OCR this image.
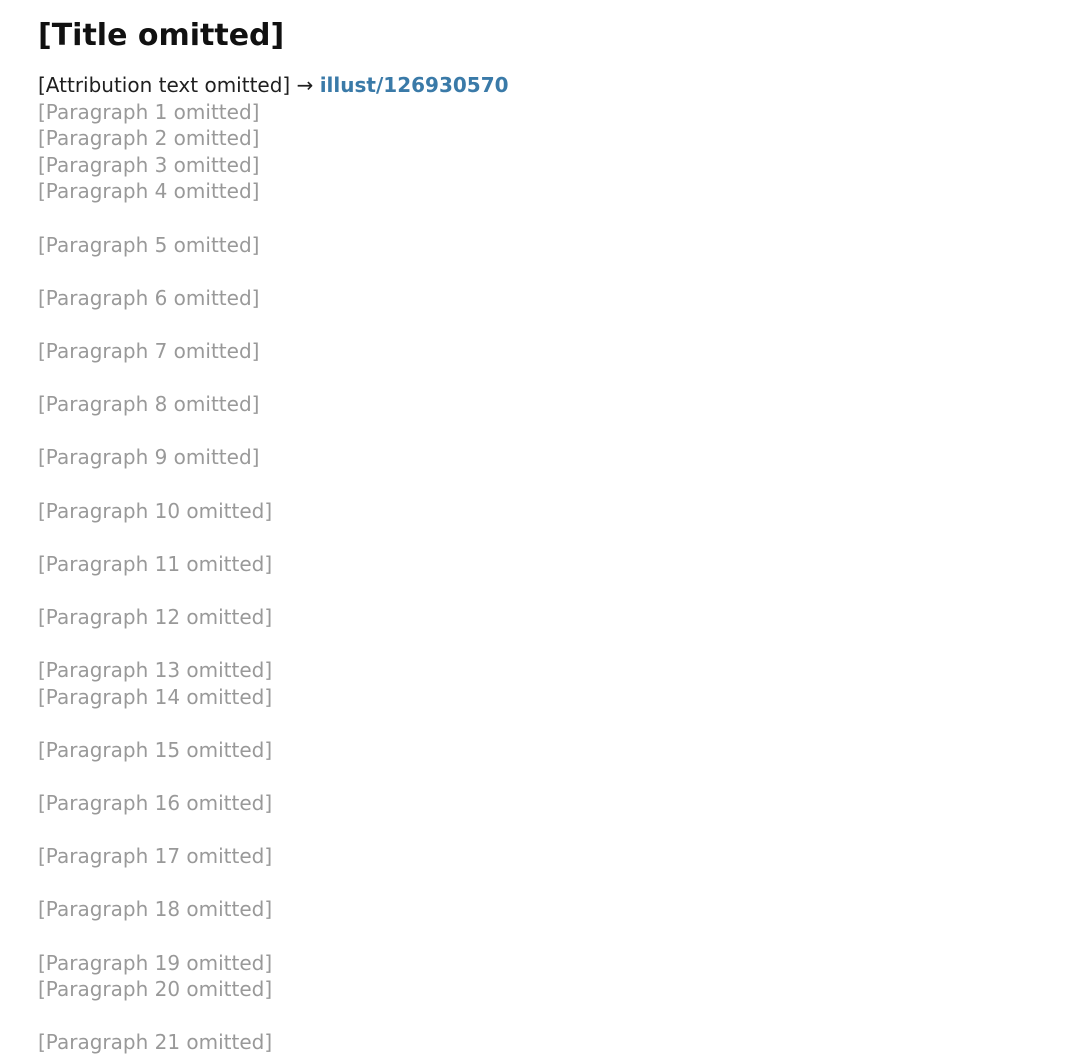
[Title omitted]

[Attribution text omitted] → illust/126930570

[Paragraph 1 omitted]

[Paragraph 2 omitted]

[Paragraph 3 omitted]

[Paragraph 4 omitted]

[Paragraph 5 omitted]

[Paragraph 6 omitted]

[Paragraph 7 omitted]

[Paragraph 8 omitted]

[Paragraph 9 omitted]

[Paragraph 10 omitted]

[Paragraph 11 omitted]

[Paragraph 12 omitted]

[Paragraph 13 omitted]

[Paragraph 14 omitted]

[Paragraph 15 omitted]

[Paragraph 16 omitted]

[Paragraph 17 omitted]

[Paragraph 18 omitted]

[Paragraph 19 omitted]

[Paragraph 20 omitted]

[Paragraph 21 omitted]
